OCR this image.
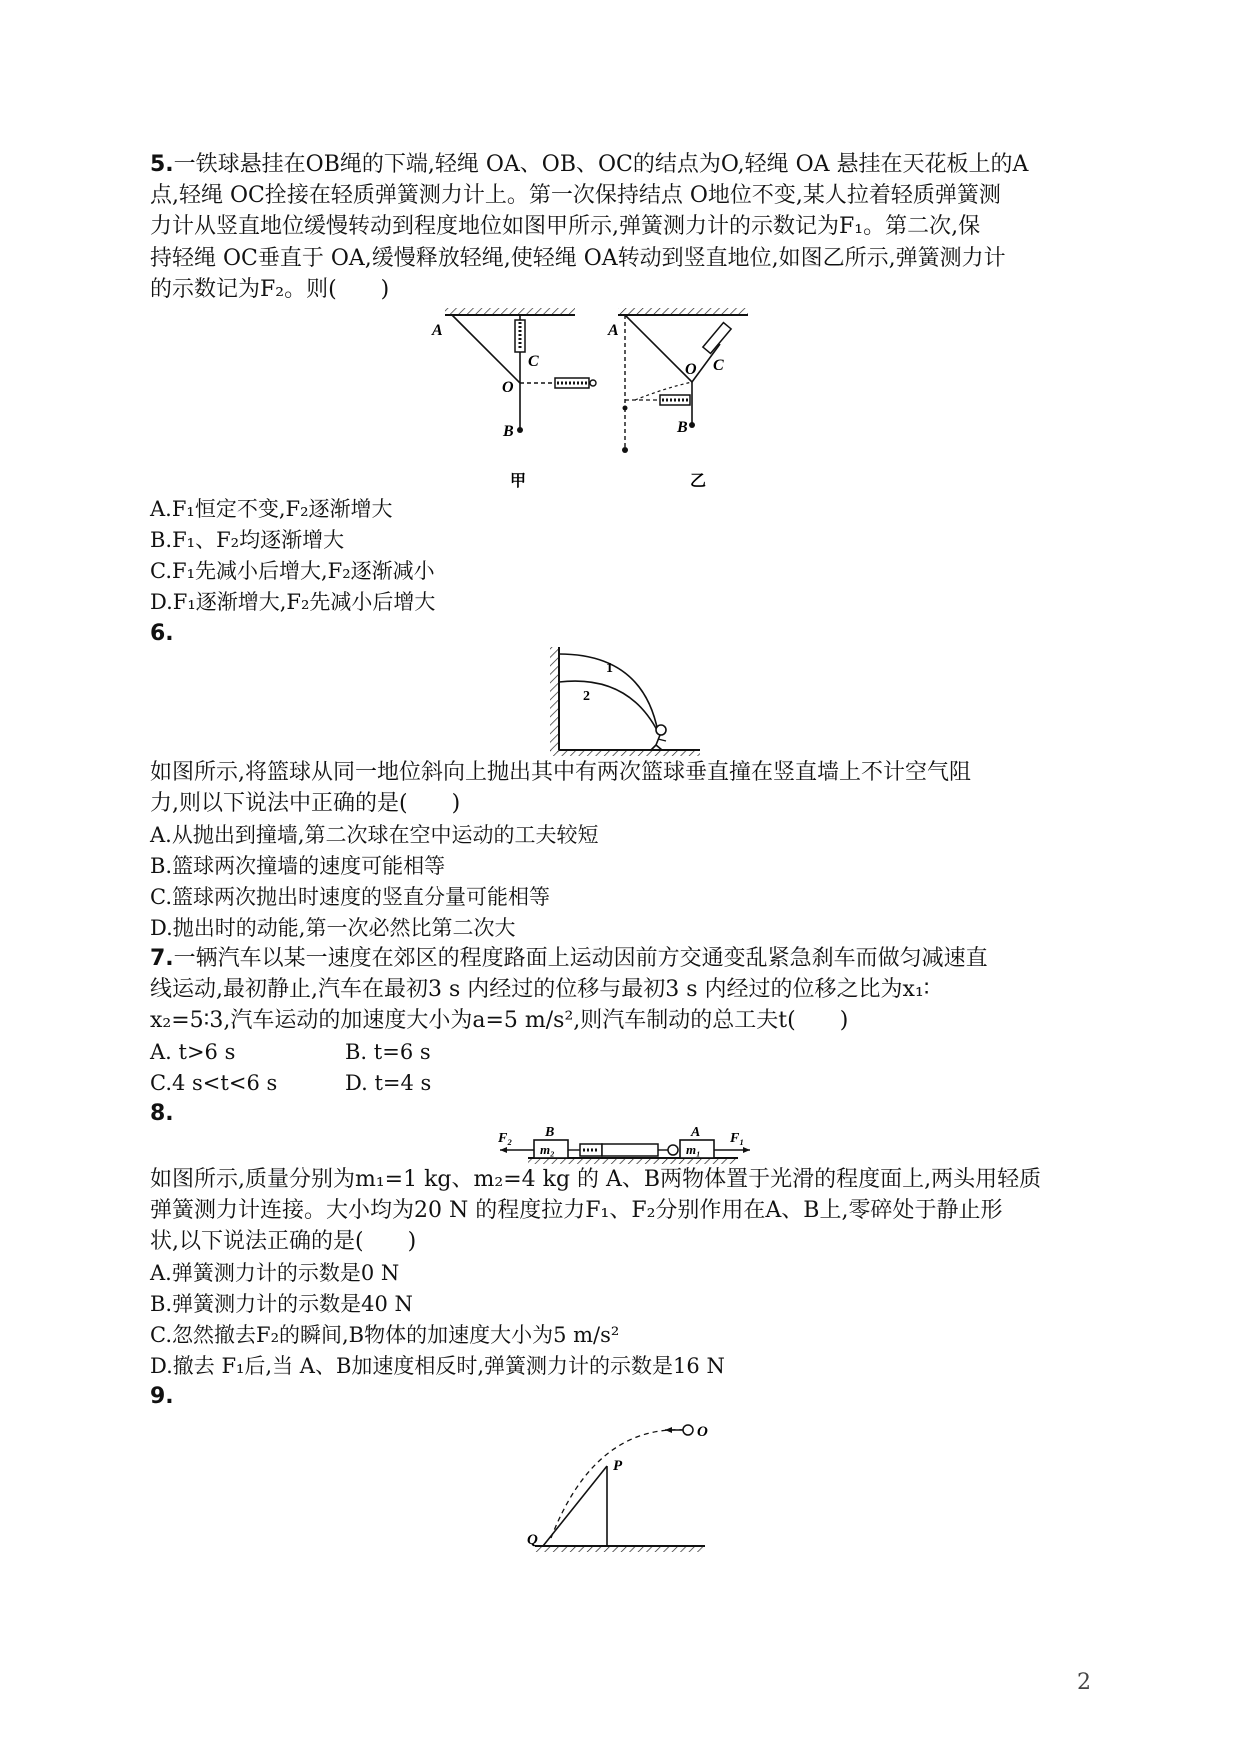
5.一铁球悬挂在OB绳的下端,轻绳 OA、OB、OC的结点为O,轻绳 OA 悬挂在天花板上的A
点,轻绳 OC拴接在轻质弹簧测力计上。第一次保持结点 O地位不变,某人拉着轻质弹簧测
力计从竖直地位缓慢转动到程度地位如图甲所示,弹簧测力计的示数记为F₁。第二次,保
持轻绳 OC垂直于 OA,缓慢释放轻绳,使轻绳 OA转动到竖直地位,如图乙所示,弹簧测力计
的示数记为F₂。则(　　)
A
C
O
B
甲
A
O C
B
乙
A.F₁恒定不变,F₂逐渐增大
B.F₁、F₂均逐渐增大
C.F₁先减小后增大,F₂逐渐减小
D.F₁逐渐增大,F₂先减小后增大
6.
1
2
如图所示,将篮球从同一地位斜向上抛出其中有两次篮球垂直撞在竖直墙上不计空气阻
力,则以下说法中正确的是(　　)
A.从抛出到撞墙,第二次球在空中运动的工夫较短
B.篮球两次撞墙的速度可能相等
C.篮球两次抛出时速度的竖直分量可能相等
D.抛出时的动能,第一次必然比第二次大
7.一辆汽车以某一速度在郊区的程度路面上运动因前方交通变乱紧急刹车而做匀减速直
线运动,最初静止,汽车在最初3 s 内经过的位移与最初3 s 内经过的位移之比为x₁∶
x₂=5∶3,汽车运动的加速度大小为a=5 m/s²,则汽车制动的总工夫t(　　)
A. t>6 s	B. t=6 s
C.4 s<t<6 s	D. t=4 s
8.
F₂ B
m₂
A
m₁
F₁
如图所示,质量分别为m₁=1 kg、m₂=4 kg 的 A、B两物体置于光滑的程度面上,两头用轻质
弹簧测力计连接。大小均为20 N 的程度拉力F₁、F₂分别作用在A、B上,零碎处于静止形
状,以下说法正确的是(　　)
A.弹簧测力计的示数是0 N
B.弹簧测力计的示数是40 N
C.忽然撤去F₂的瞬间,B物体的加速度大小为5 m/s²
D.撤去 F₁后,当 A、B加速度相反时,弹簧测力计的示数是16 N
9.
O
P
Q
2
